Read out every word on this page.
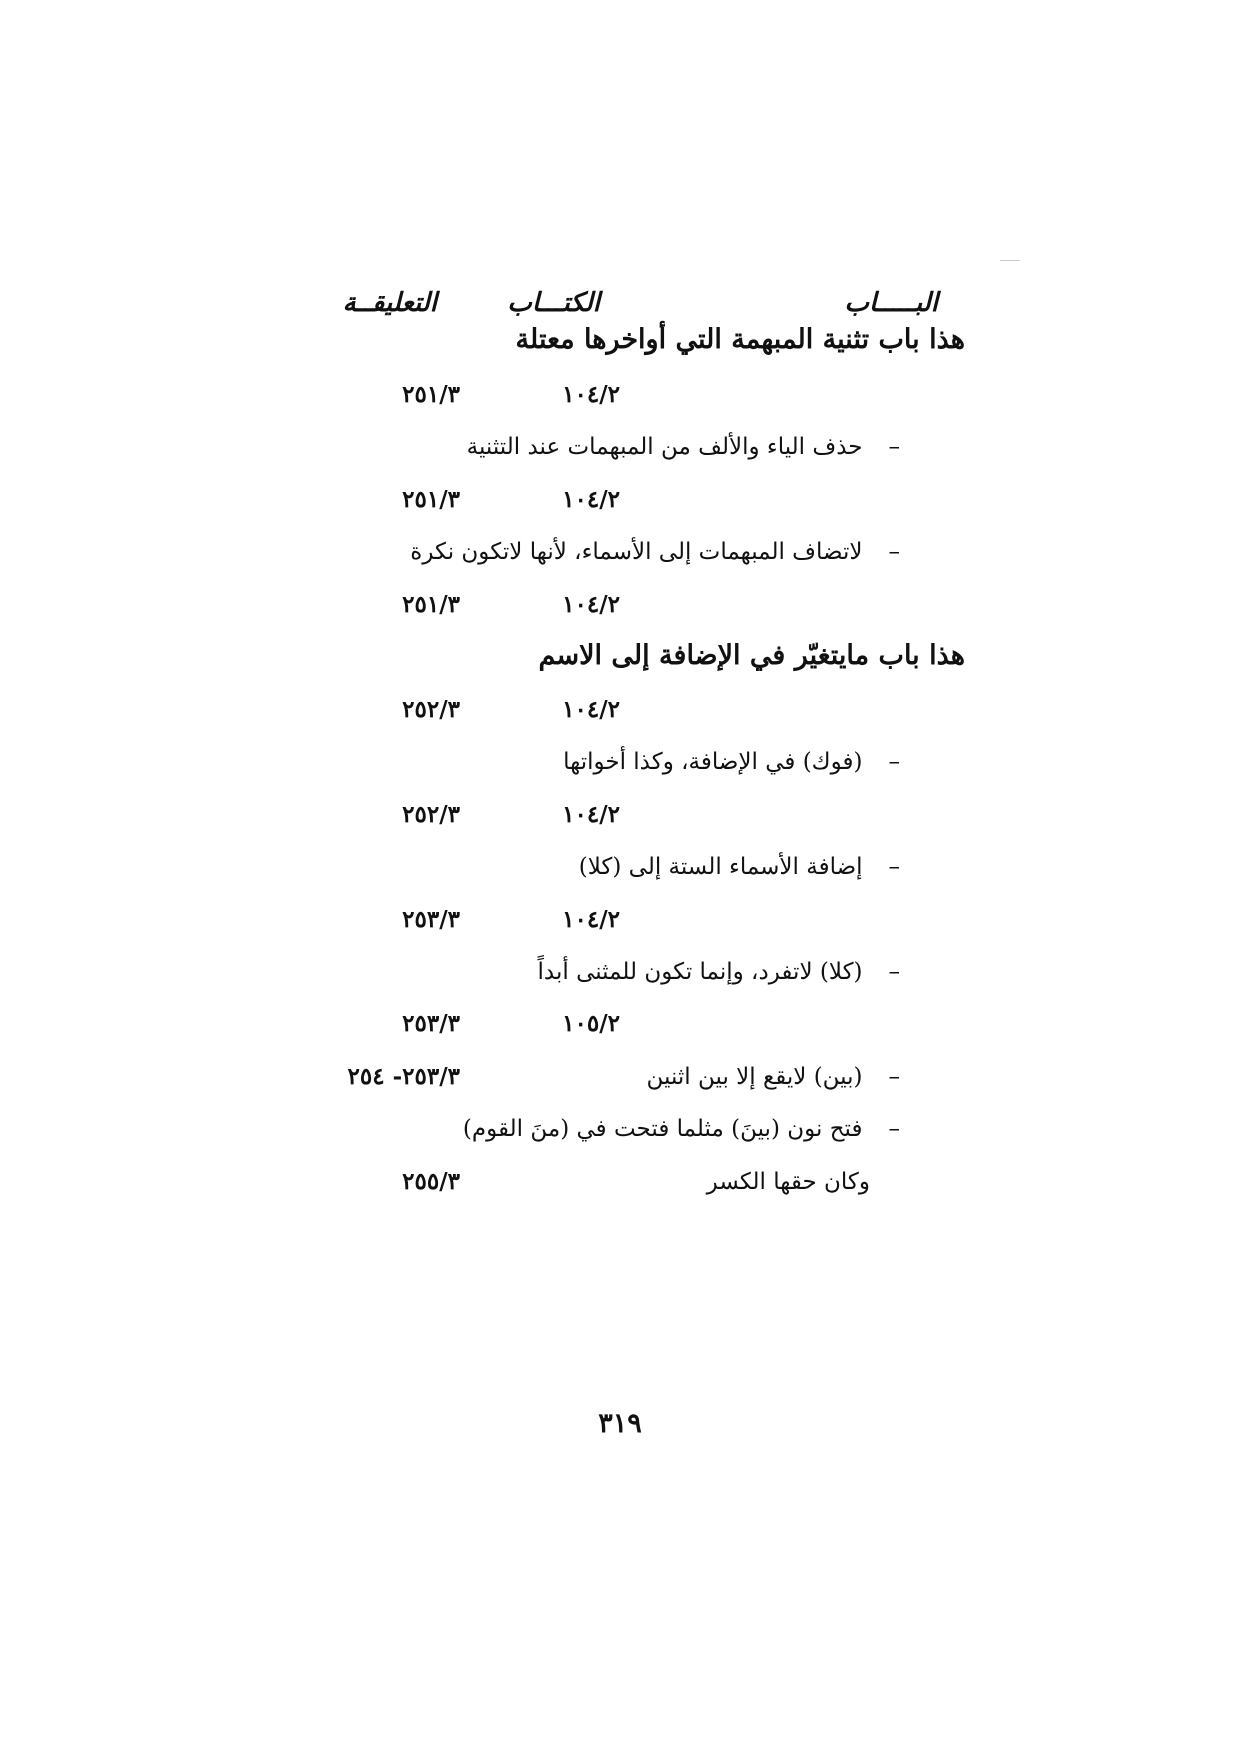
البـــــاب
الكتـــاب
التعليقــة
هذا باب تثنية المبهمة التي أواخرها معتلة
١٠٤/٢
٢٥١/٣
–حذف الياء والألف من المبهمات عند التثنية
١٠٤/٢
٢٥١/٣
–لاتضاف المبهمات إلى الأسماء، لأنها لاتكون نكرة
١٠٤/٢
٢٥١/٣
هذا باب مايتغيّر في الإضافة إلى الاسم
١٠٤/٢
٢٥٢/٣
–(فوك) في الإضافة، وكذا أخواتها
١٠٤/٢
٢٥٢/٣
–إضافة الأسماء الستة إلى (كلا)
١٠٤/٢
٢٥٣/٣
–(كلا) لاتفرد، وإنما تكون للمثنى أبداً
١٠٥/٢
٢٥٣/٣
–(بين) لايقع إلا بين اثنين
٢٥٣/٣- ٢٥٤
–فتح نون (بينَ) مثلما فتحت في (منَ القوم)
وكان حقها الكسر
٢٥٥/٣
٣١٩
